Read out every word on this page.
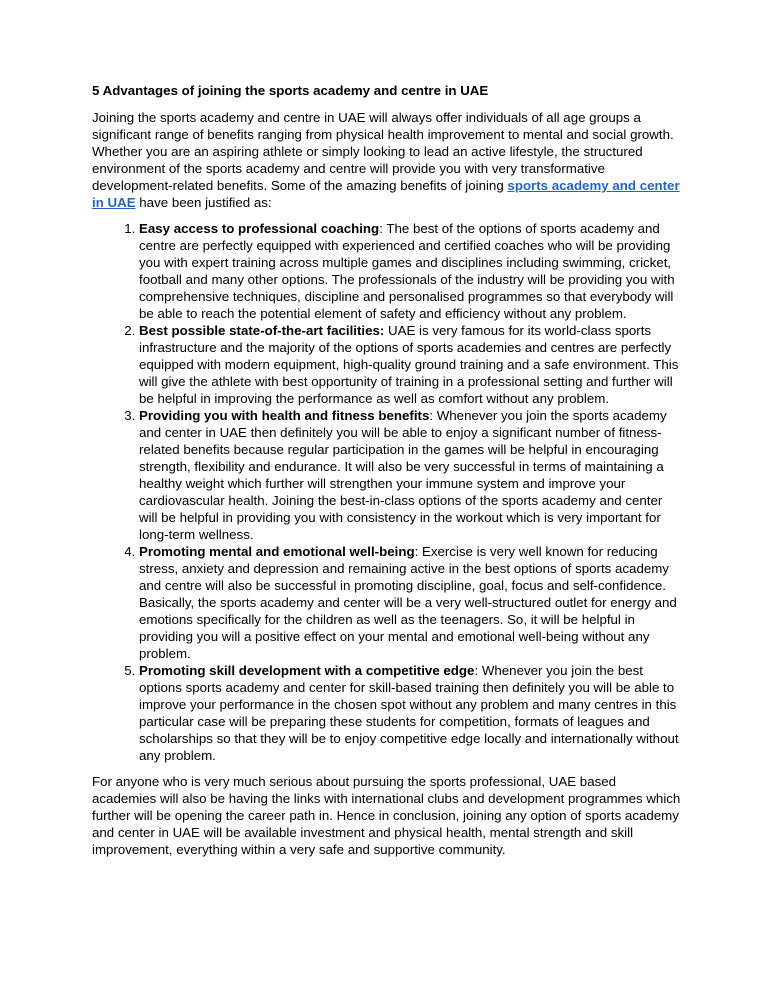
5 Advantages of joining the sports academy and centre in UAE

Joining the sports academy and centre in UAE will always offer individuals of all age groups a significant range of benefits ranging from physical health improvement to mental and social growth. Whether you are an aspiring athlete or simply looking to lead an active lifestyle, the structured environment of the sports academy and centre will provide you with very transformative development-related benefits. Some of the amazing benefits of joining sports academy and center in UAE have been justified as:

1. Easy access to professional coaching: The best of the options of sports academy and centre are perfectly equipped with experienced and certified coaches who will be providing you with expert training across multiple games and disciplines including swimming, cricket, football and many other options. The professionals of the industry will be providing you with comprehensive techniques, discipline and personalised programmes so that everybody will be able to reach the potential element of safety and efficiency without any problem.
2. Best possible state-of-the-art facilities: UAE is very famous for its world-class sports infrastructure and the majority of the options of sports academies and centres are perfectly equipped with modern equipment, high-quality ground training and a safe environment. This will give the athlete with best opportunity of training in a professional setting and further will be helpful in improving the performance as well as comfort without any problem.
3. Providing you with health and fitness benefits: Whenever you join the sports academy and center in UAE then definitely you will be able to enjoy a significant number of fitness-related benefits because regular participation in the games will be helpful in encouraging strength, flexibility and endurance. It will also be very successful in terms of maintaining a healthy weight which further will strengthen your immune system and improve your cardiovascular health. Joining the best-in-class options of the sports academy and center will be helpful in providing you with consistency in the workout which is very important for long-term wellness.
4. Promoting mental and emotional well-being: Exercise is very well known for reducing stress, anxiety and depression and remaining active in the best options of sports academy and centre will also be successful in promoting discipline, goal, focus and self-confidence. Basically, the sports academy and center will be a very well-structured outlet for energy and emotions specifically for the children as well as the teenagers. So, it will be helpful in providing you will a positive effect on your mental and emotional well-being without any problem.
5. Promoting skill development with a competitive edge: Whenever you join the best options sports academy and center for skill-based training then definitely you will be able to improve your performance in the chosen spot without any problem and many centres in this particular case will be preparing these students for competition, formats of leagues and scholarships so that they will be to enjoy competitive edge locally and internationally without any problem.

For anyone who is very much serious about pursuing the sports professional, UAE based academies will also be having the links with international clubs and development programmes which further will be opening the career path in. Hence in conclusion, joining any option of sports academy and center in UAE will be available investment and physical health, mental strength and skill improvement, everything within a very safe and supportive community.
